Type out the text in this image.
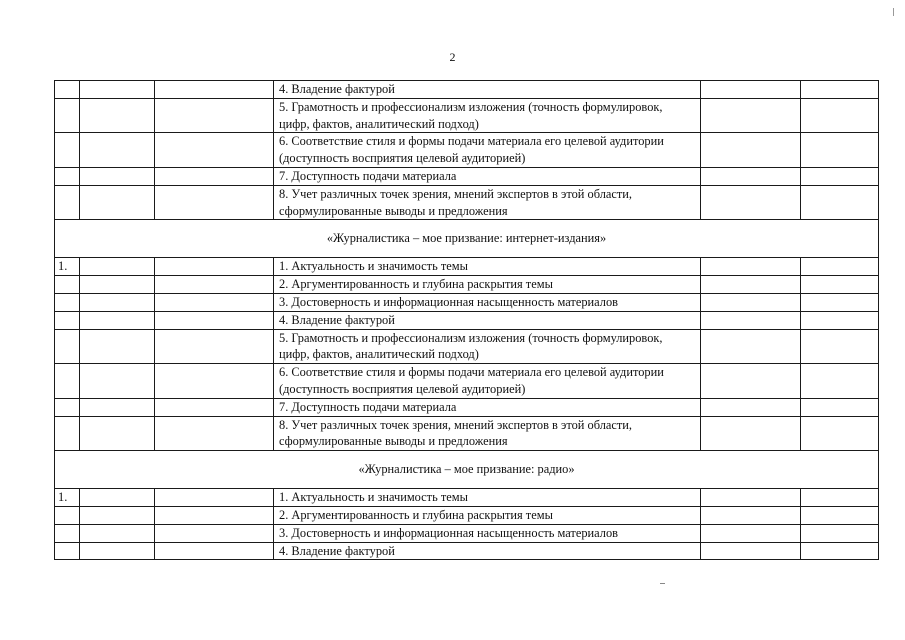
2
			4. Владение фактурой		
			5. Грамотность и профессионализм изложения (точность формулировок, цифр, фактов, аналитический подход)		
			6. Соответствие стиля и формы подачи материала его целевой аудитории (доступность восприятия целевой аудиторией)		
			7. Доступность подачи материала		
			8. Учет различных точек зрения, мнений экспертов в этой области, сформулированные выводы и предложения		
«Журналистика – мое призвание: интернет-издания»					
1.			1. Актуальность и значимость темы		
			2. Аргументированность и глубина раскрытия темы		
			3. Достоверность и информационная насыщенность материалов		
			4. Владение фактурой		
			5. Грамотность и профессионализм изложения (точность формулировок, цифр, фактов, аналитический подход)		
			6. Соответствие стиля и формы подачи материала его целевой аудитории (доступность восприятия целевой аудиторией)		
			7. Доступность подачи материала		
			8. Учет различных точек зрения, мнений экспертов в этой области, сформулированные выводы и предложения		
«Журналистика – мое призвание: радио»					
1.			1. Актуальность и значимость темы		
			2. Аргументированность и глубина раскрытия темы		
			3. Достоверность и информационная насыщенность материалов		
			4. Владение фактурой		
